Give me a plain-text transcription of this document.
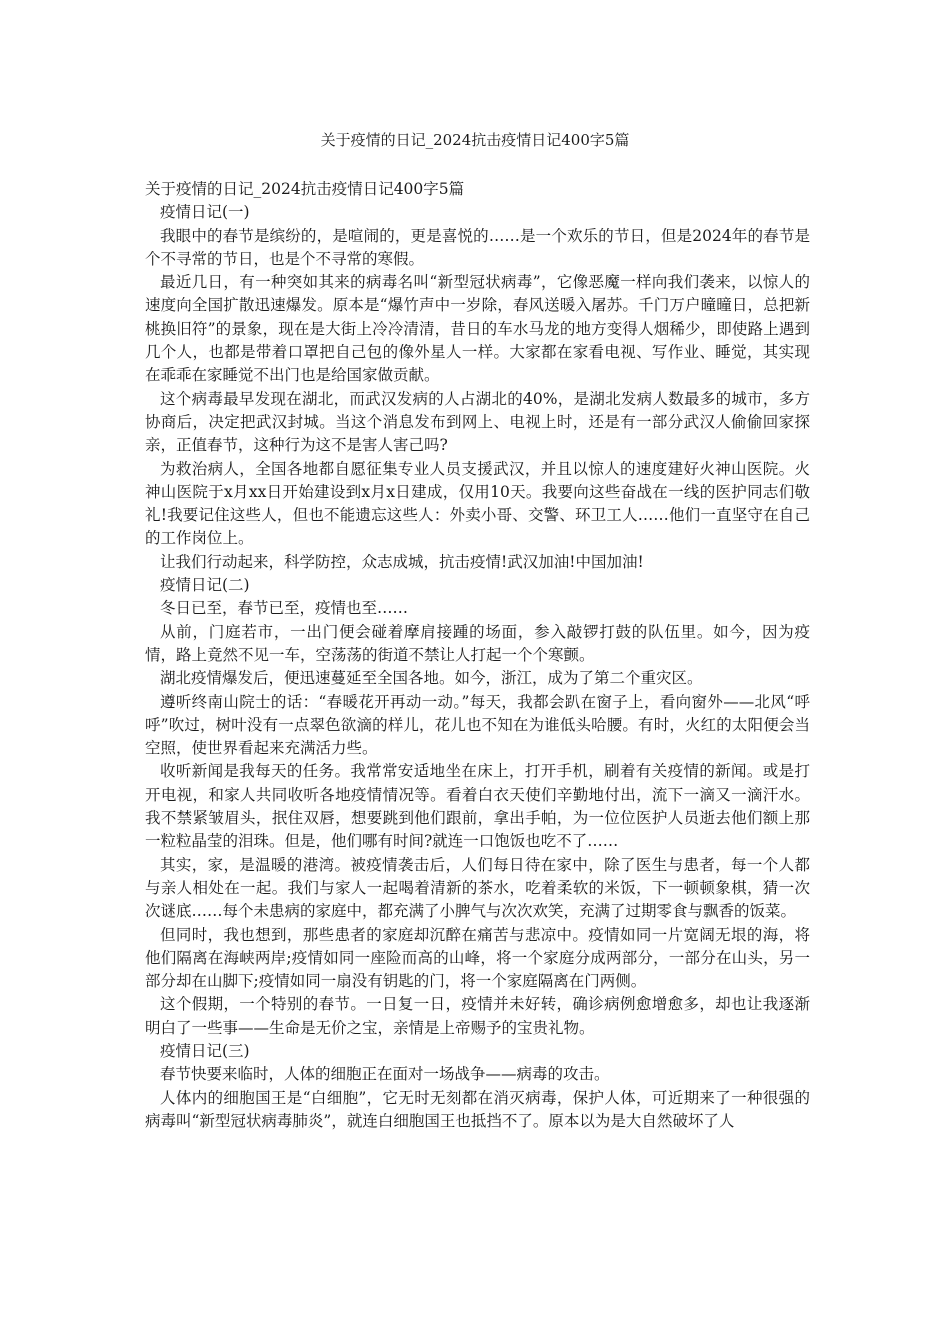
关于疫情的日记_2024抗击疫情日记400字5篇

关于疫情的日记_2024抗击疫情日记400字5篇

疫情日记(一)

我眼中的春节是缤纷的，是喧闹的，更是喜悦的……是一个欢乐的节日，但是2024年的春节是个不寻常的节日，也是个不寻常的寒假。

最近几日，有一种突如其来的病毒名叫“新型冠状病毒”，它像恶魔一样向我们袭来，以惊人的速度向全国扩散迅速爆发。原本是“爆竹声中一岁除，春风送暖入屠苏。千门万户曈曈日，总把新桃换旧符”的景象，现在是大街上冷冷清清，昔日的车水马龙的地方变得人烟稀少，即使路上遇到几个人，也都是带着口罩把自己包的像外星人一样。大家都在家看电视、写作业、睡觉，其实现在乖乖在家睡觉不出门也是给国家做贡献。

这个病毒最早发现在湖北，而武汉发病的人占湖北的40%，是湖北发病人数最多的城市，多方协商后，决定把武汉封城。当这个消息发布到网上、电视上时，还是有一部分武汉人偷偷回家探亲，正值春节，这种行为这不是害人害己吗?

为救治病人，全国各地都自愿征集专业人员支援武汉，并且以惊人的速度建好火神山医院。火神山医院于x月xx日开始建设到x月x日建成，仅用10天。我要向这些奋战在一线的医护同志们敬礼!我要记住这些人，但也不能遗忘这些人：外卖小哥、交警、环卫工人……他们一直坚守在自己的工作岗位上。

让我们行动起来，科学防控，众志成城，抗击疫情!武汉加油!中国加油!

疫情日记(二)

冬日已至，春节已至，疫情也至……

从前，门庭若市，一出门便会碰着摩肩接踵的场面，参入敲锣打鼓的队伍里。如今，因为疫情，路上竟然不见一车，空荡荡的街道不禁让人打起一个个寒颤。

湖北疫情爆发后，便迅速蔓延至全国各地。如今，浙江，成为了第二个重灾区。

遵听终南山院士的话：“春暖花开再动一动。”每天，我都会趴在窗子上，看向窗外——北风“呼呼”吹过，树叶没有一点翠色欲滴的样儿，花儿也不知在为谁低头哈腰。有时，火红的太阳便会当空照，使世界看起来充满活力些。

收听新闻是我每天的任务。我常常安适地坐在床上，打开手机，刷着有关疫情的新闻。或是打开电视，和家人共同收听各地疫情情况等。看着白衣天使们辛勤地付出，流下一滴又一滴汗水。我不禁紧皱眉头，抿住双唇，想要跳到他们跟前，拿出手帕，为一位位医护人员逝去他们额上那一粒粒晶莹的泪珠。但是，他们哪有时间?就连一口饱饭也吃不了……

其实，家，是温暖的港湾。被疫情袭击后，人们每日待在家中，除了医生与患者，每一个人都与亲人相处在一起。我们与家人一起喝着清新的茶水，吃着柔软的米饭，下一顿顿象棋，猜一次次谜底……每个未患病的家庭中，都充满了小脾气与次次欢笑，充满了过期零食与飘香的饭菜。

但同时，我也想到，那些患者的家庭却沉醉在痛苦与悲凉中。疫情如同一片宽阔无垠的海，将他们隔离在海峡两岸;疫情如同一座险而高的山峰，将一个家庭分成两部分，一部分在山头，另一部分却在山脚下;疫情如同一扇没有钥匙的门，将一个家庭隔离在门两侧。

这个假期，一个特别的春节。一日复一日，疫情并未好转，确诊病例愈增愈多，却也让我逐渐明白了一些事——生命是无价之宝，亲情是上帝赐予的宝贵礼物。

疫情日记(三)

春节快要来临时，人体的细胞正在面对一场战争——病毒的攻击。

人体内的细胞国王是“白细胞”，它无时无刻都在消灭病毒，保护人体，可近期来了一种很强的病毒叫“新型冠状病毒肺炎”，就连白细胞国王也抵挡不了。原本以为是大自然破坏了人
